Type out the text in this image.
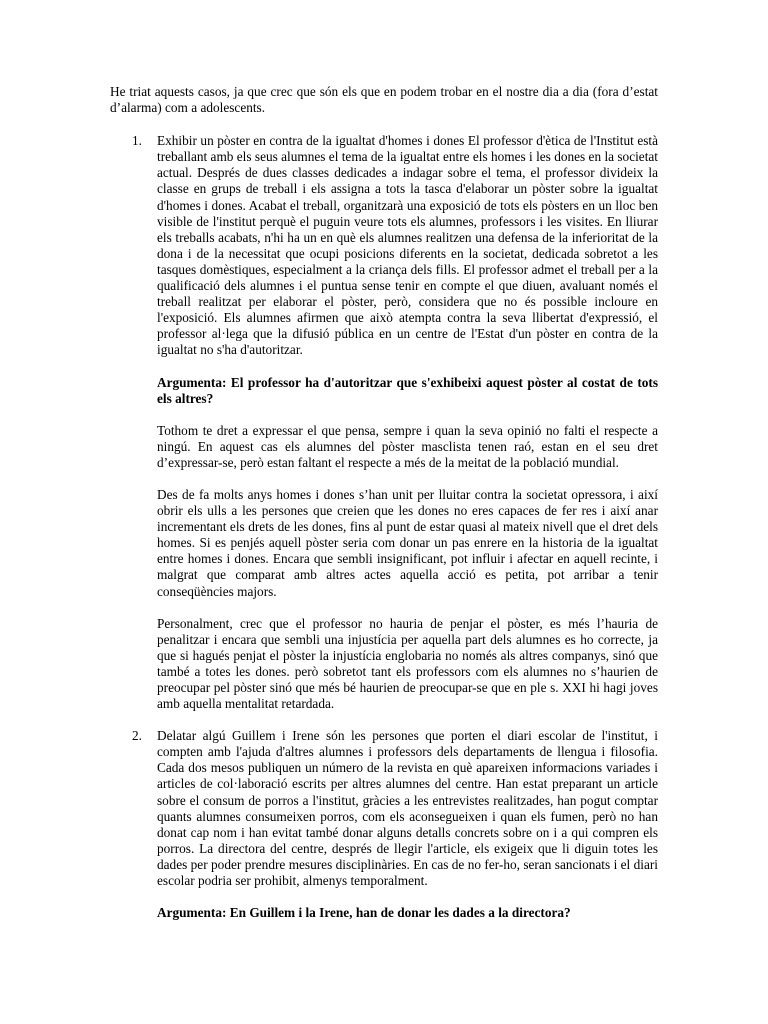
He triat aquests casos, ja que crec que són els que en podem trobar en el nostre dia a dia (fora d’estat d’alarma) com a adolescents.

1. Exhibir un pòster en contra de la igualtat d'homes i dones El professor d'ètica de l'Institut està treballant amb els seus alumnes el tema de la igualtat entre els homes i les dones en la societat actual. Després de dues classes dedicades a indagar sobre el tema, el professor divideix la classe en grups de treball i els assigna a tots la tasca d'elaborar un pòster sobre la igualtat d'homes i dones. Acabat el treball, organitzarà una exposició de tots els pòsters en un lloc ben visible de l'institut perquè el puguin veure tots els alumnes, professors i les visites. En lliurar els treballs acabats, n'hi ha un en què els alumnes realitzen una defensa de la inferioritat de la dona i de la necessitat que ocupi posicions diferents en la societat, dedicada sobretot a les tasques domèstiques, especialment a la criança dels fills. El professor admet el treball per a la qualificació dels alumnes i el puntua sense tenir en compte el que diuen, avaluant només el treball realitzat per elaborar el pòster, però, considera que no és possible incloure en l'exposició. Els alumnes afirmen que això atempta contra la seva llibertat d'expressió, el professor al·lega que la difusió pública en un centre de l'Estat d'un pòster en contra de la igualtat no s'ha d'autoritzar.

Argumenta: El professor ha d'autoritzar que s'exhibeixi aquest pòster al costat de tots els altres?

Tothom te dret a expressar el que pensa, sempre i quan la seva opinió no falti el respecte a ningú. En aquest cas els alumnes del pòster masclista tenen raó, estan en el seu dret d’expressar-se, però estan faltant el respecte a més de la meitat de la població mundial.

Des de fa molts anys homes i dones s’han unit per lluitar contra la societat opressora, i així obrir els ulls a les persones que creien que les dones no eres capaces de fer res i així anar incrementant els drets de les dones, fins al punt de estar quasi al mateix nivell que el dret dels homes. Si es penjés aquell pòster seria com donar un pas enrere en la historia de la igualtat entre homes i dones. Encara que sembli insignificant, pot influir i afectar en aquell recinte, i malgrat que comparat amb altres actes aquella acció es petita, pot arribar a tenir conseqüències majors.

Personalment, crec que el professor no hauria de penjar el pòster, es més l’hauria de penalitzar i encara que sembli una injustícia per aquella part dels alumnes es ho correcte, ja que si hagués penjat el pòster la injustícia englobaria no només als altres companys, sinó que també a totes les dones. però sobretot tant els professors com els alumnes no s’haurien de preocupar pel pòster sinó que més bé haurien de preocupar-se que en ple s. XXI hi hagi joves amb aquella mentalitat retardada.

2. Delatar algú Guillem i Irene són les persones que porten el diari escolar de l'institut, i compten amb l'ajuda d'altres alumnes i professors dels departaments de llengua i filosofia. Cada dos mesos publiquen un número de la revista en què apareixen informacions variades i articles de col·laboració escrits per altres alumnes del centre. Han estat preparant un article sobre el consum de porros a l'institut, gràcies a les entrevistes realitzades, han pogut comptar quants alumnes consumeixen porros, com els aconsegueixen i quan els fumen, però no han donat cap nom i han evitat també donar alguns detalls concrets sobre on i a qui compren els porros. La directora del centre, després de llegir l'article, els exigeix que li diguin totes les dades per poder prendre mesures disciplinàries. En cas de no fer-ho, seran sancionats i el diari escolar podria ser prohibit, almenys temporalment.

Argumenta: En Guillem i la Irene, han de donar les dades a la directora?
